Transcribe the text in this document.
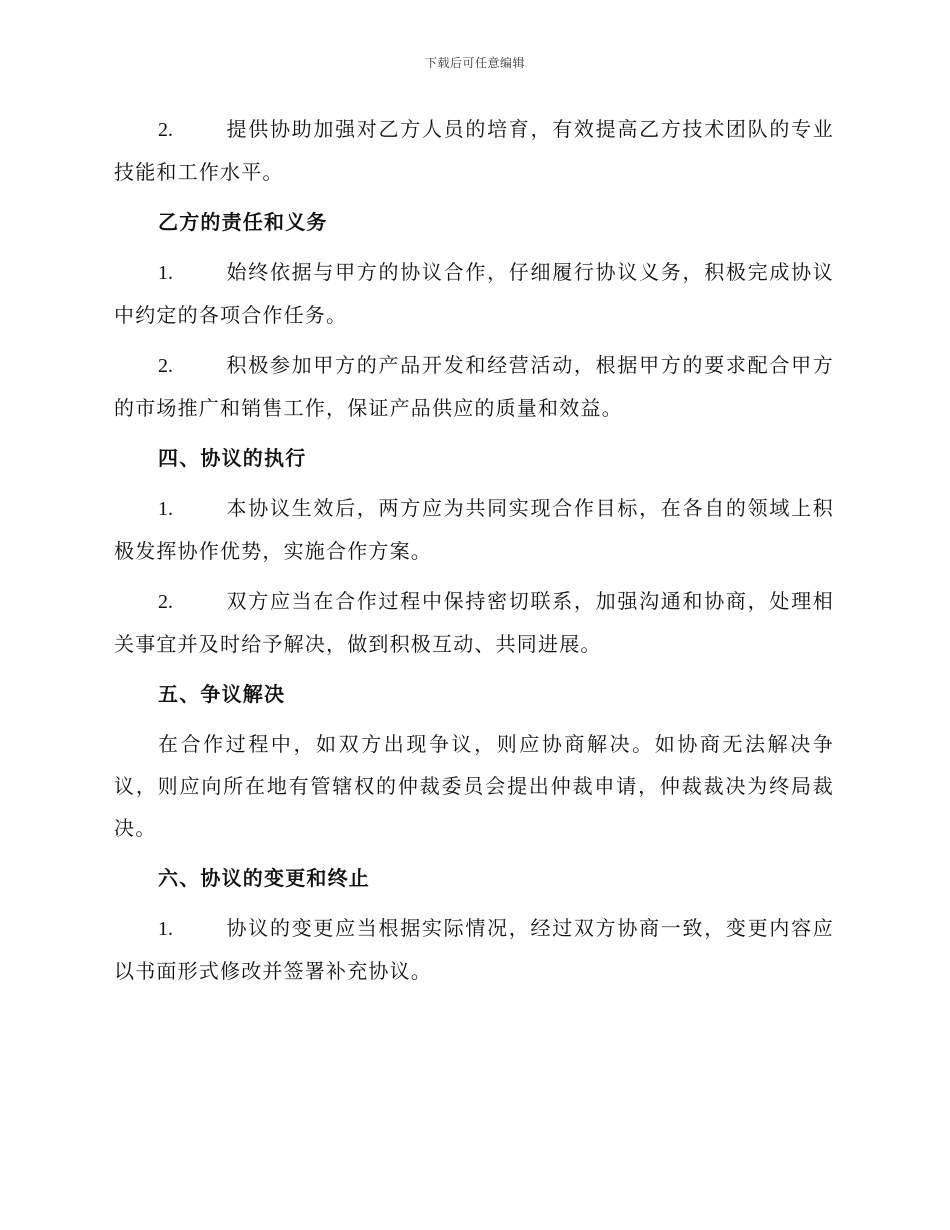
下载后可任意编辑

2.	提供协助加强对乙方人员的培育，有效提高乙方技术团队的专业技能和工作水平。

乙方的责任和义务

1.	始终依据与甲方的协议合作，仔细履行协议义务，积极完成协议中约定的各项合作任务。

2.	积极参加甲方的产品开发和经营活动，根据甲方的要求配合甲方的市场推广和销售工作，保证产品供应的质量和效益。

四、协议的执行

1.	本协议生效后，两方应为共同实现合作目标，在各自的领域上积极发挥协作优势，实施合作方案。

2.	双方应当在合作过程中保持密切联系，加强沟通和协商，处理相关事宜并及时给予解决，做到积极互动、共同进展。

五、争议解决

在合作过程中，如双方出现争议，则应协商解决。如协商无法解决争议，则应向所在地有管辖权的仲裁委员会提出仲裁申请，仲裁裁决为终局裁决。

六、协议的变更和终止

1.	协议的变更应当根据实际情况，经过双方协商一致，变更内容应以书面形式修改并签署补充协议。
